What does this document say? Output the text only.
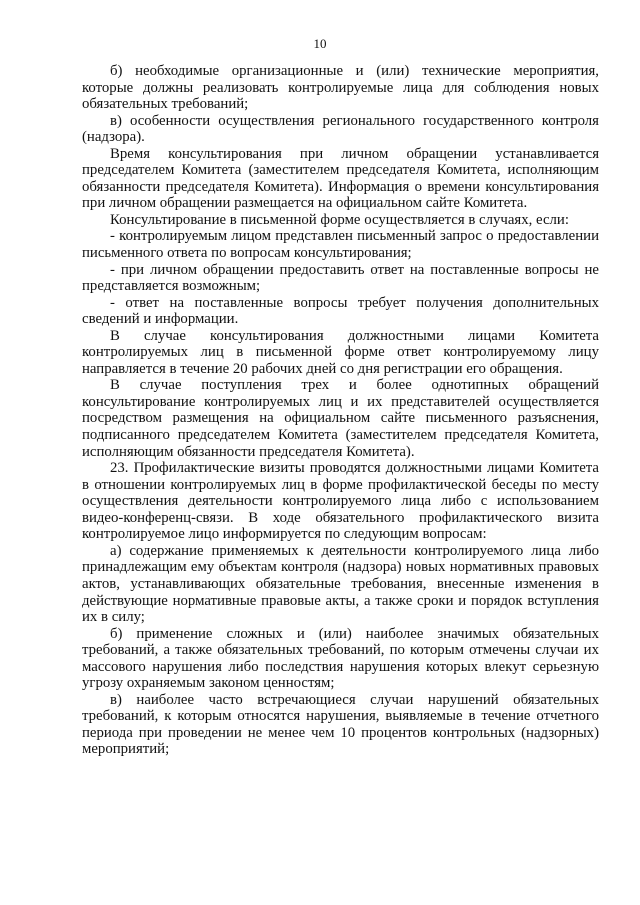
10

б) необходимые организационные и (или) технические мероприятия, которые должны реализовать контролируемые лица для соблюдения новых обязательных требований;

в) особенности осуществления регионального государственного контроля (надзора).

Время консультирования при личном обращении устанавливается председателем Комитета (заместителем председателя Комитета, исполняющим обязанности председателя Комитета). Информация о времени консультирования при личном обращении размещается на официальном сайте Комитета.

Консультирование в письменной форме осуществляется в случаях, если:

- контролируемым лицом представлен письменный запрос о предоставлении письменного ответа по вопросам консультирования;

- при личном обращении предоставить ответ на поставленные вопросы не представляется возможным;

- ответ на поставленные вопросы требует получения дополнительных сведений и информации.

В случае консультирования должностными лицами Комитета контролируемых лиц в письменной форме ответ контролируемому лицу направляется в течение 20 рабочих дней со дня регистрации его обращения.

В случае поступления трех и более однотипных обращений консультирование контролируемых лиц и их представителей осуществляется посредством размещения на официальном сайте письменного разъяснения, подписанного председателем Комитета (заместителем председателя Комитета, исполняющим обязанности председателя Комитета).

23. Профилактические визиты проводятся должностными лицами Комитета в отношении контролируемых лиц в форме профилактической беседы по месту осуществления деятельности контролируемого лица либо с использованием видео-конференц-связи. В ходе обязательного профилактического визита контролируемое лицо информируется по следующим вопросам:

а) содержание применяемых к деятельности контролируемого лица либо принадлежащим ему объектам контроля (надзора) новых нормативных правовых актов, устанавливающих обязательные требования, внесенные изменения в действующие нормативные правовые акты, а также сроки и порядок вступления их в силу;

б) применение сложных и (или) наиболее значимых обязательных требований, а также обязательных требований, по которым отмечены случаи их массового нарушения либо последствия нарушения которых влекут серьезную угрозу охраняемым законом ценностям;

в) наиболее часто встречающиеся случаи нарушений обязательных требований, к которым относятся нарушения, выявляемые в течение отчетного периода при проведении не менее чем 10 процентов контрольных (надзорных) мероприятий;
